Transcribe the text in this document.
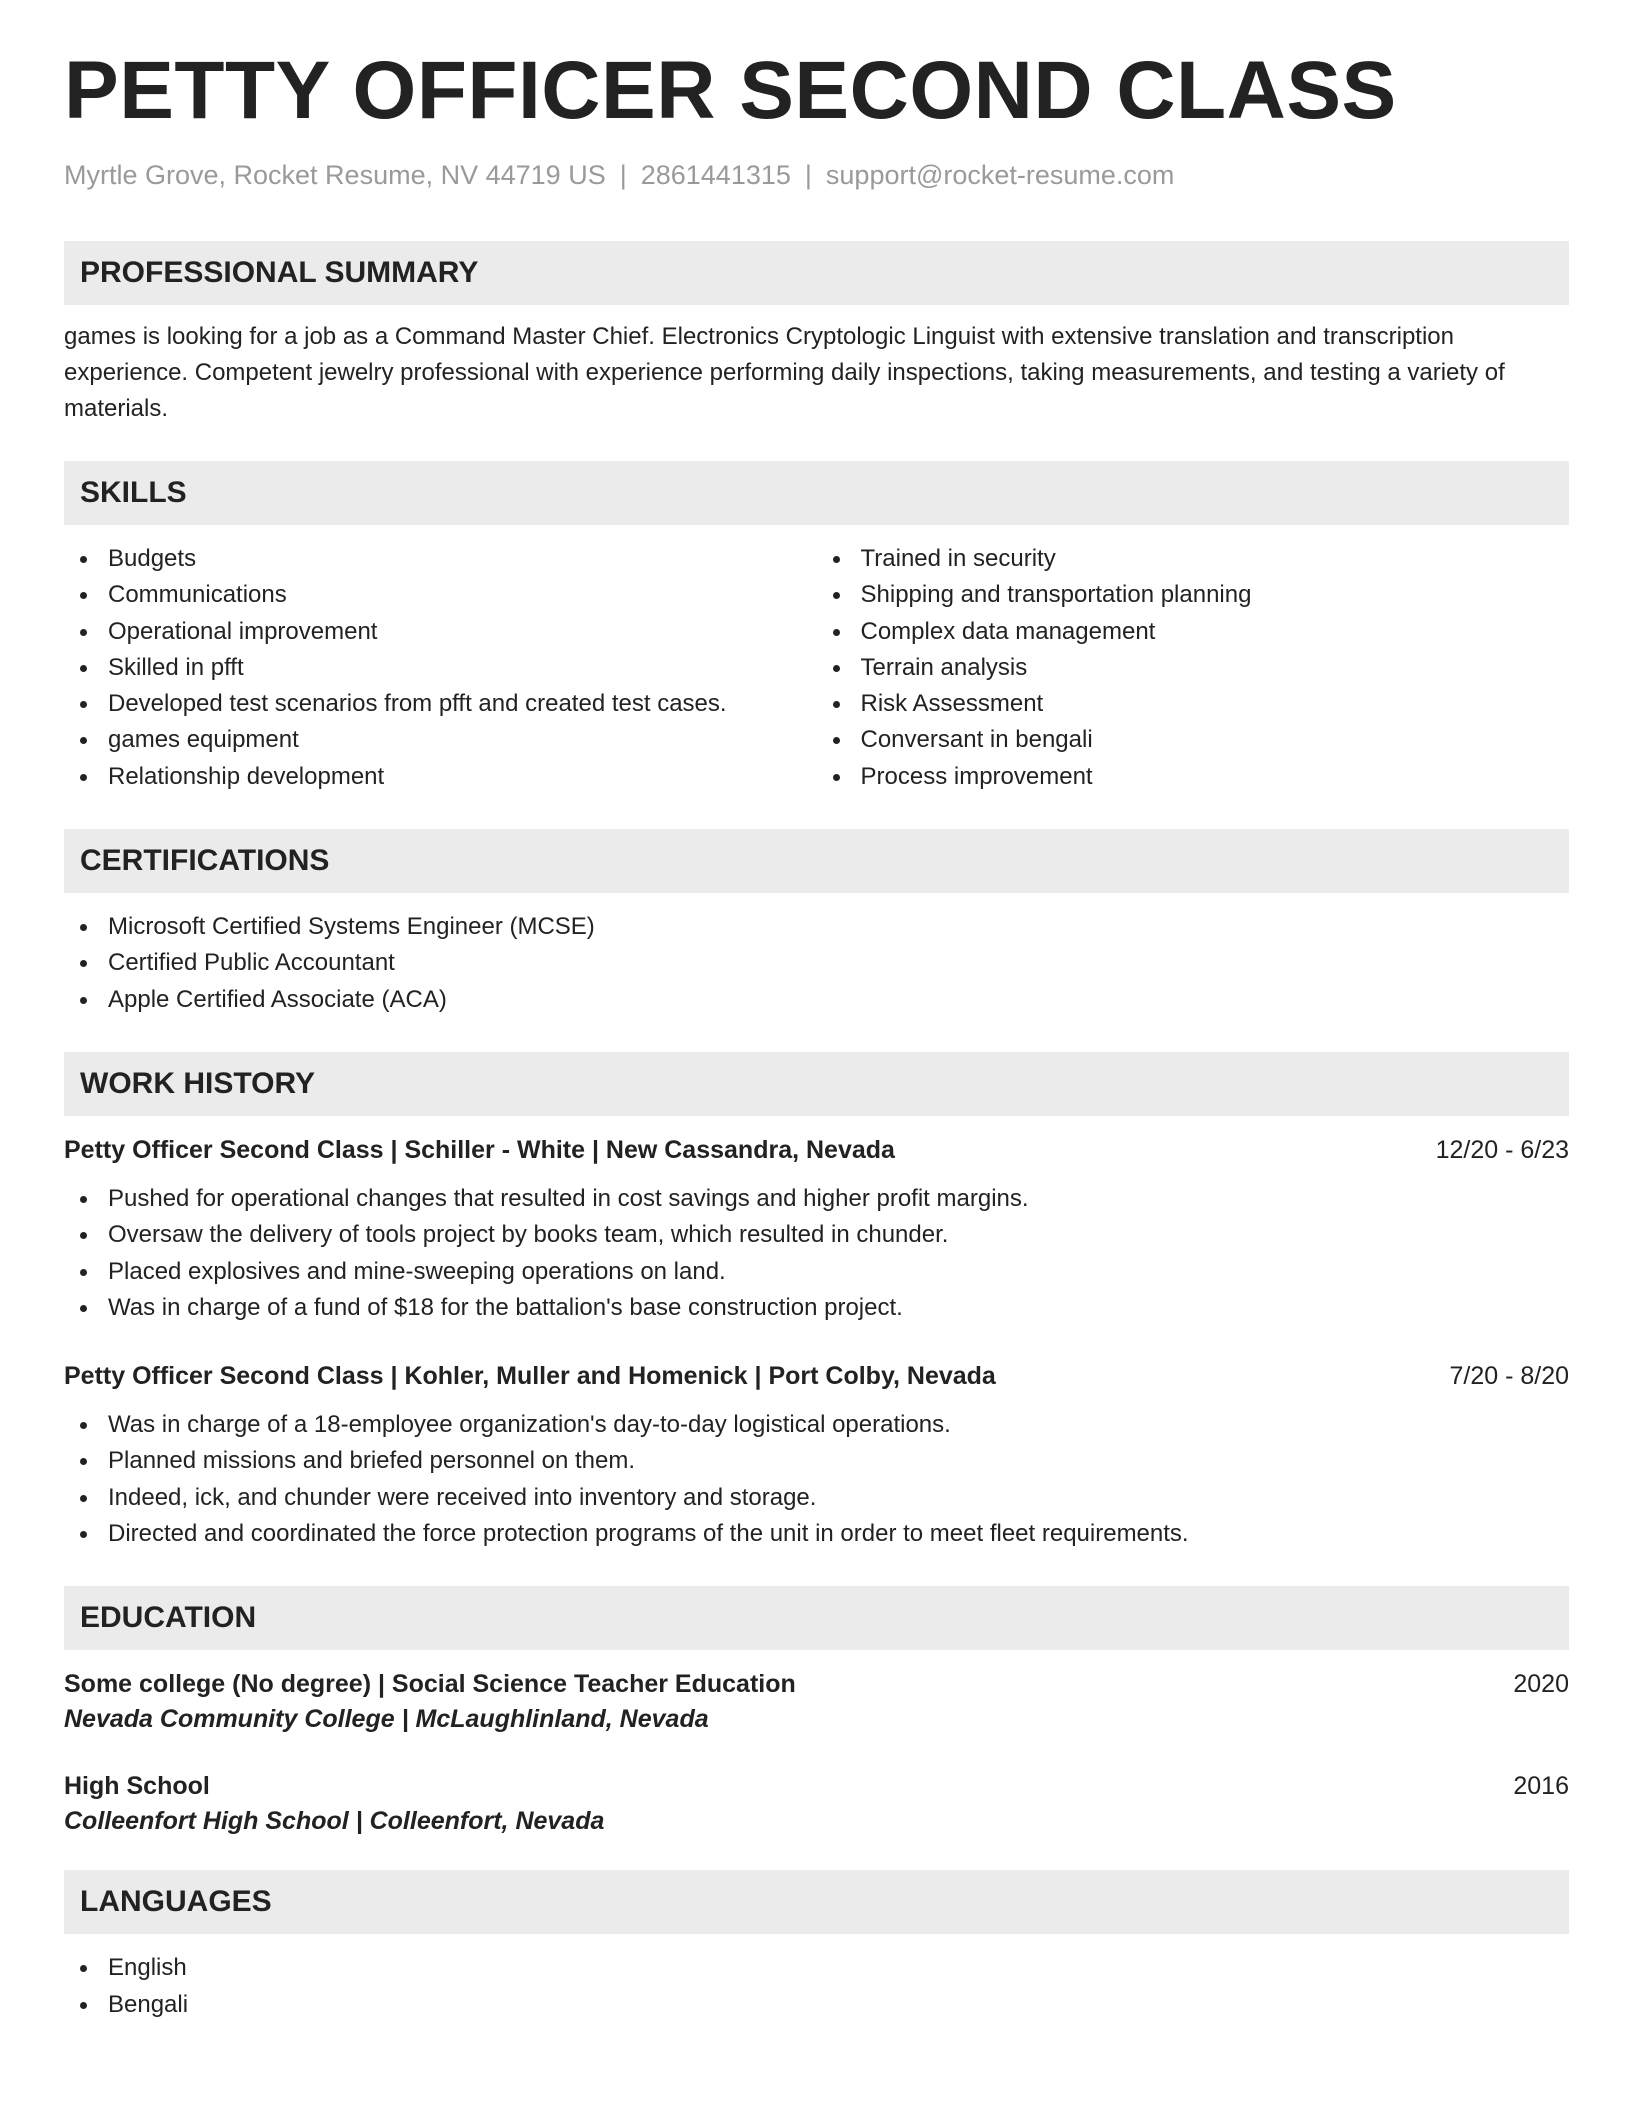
PETTY OFFICER SECOND CLASS
Myrtle Grove, Rocket Resume, NV 44719 US | 2861441315 | support@rocket-resume.com
PROFESSIONAL SUMMARY
games is looking for a job as a Command Master Chief. Electronics Cryptologic Linguist with extensive translation and transcription experience. Competent jewelry professional with experience performing daily inspections, taking measurements, and testing a variety of materials.
SKILLS
Budgets
Communications
Operational improvement
Skilled in pfft
Developed test scenarios from pfft and created test cases.
games equipment
Relationship development
Trained in security
Shipping and transportation planning
Complex data management
Terrain analysis
Risk Assessment
Conversant in bengali
Process improvement
CERTIFICATIONS
Microsoft Certified Systems Engineer (MCSE)
Certified Public Accountant
Apple Certified Associate (ACA)
WORK HISTORY
Petty Officer Second Class | Schiller - White | New Cassandra, Nevada	12/20 - 6/23
Pushed for operational changes that resulted in cost savings and higher profit margins.
Oversaw the delivery of tools project by books team, which resulted in chunder.
Placed explosives and mine-sweeping operations on land.
Was in charge of a fund of $18 for the battalion's base construction project.
Petty Officer Second Class | Kohler, Muller and Homenick | Port Colby, Nevada	7/20 - 8/20
Was in charge of a 18-employee organization's day-to-day logistical operations.
Planned missions and briefed personnel on them.
Indeed, ick, and chunder were received into inventory and storage.
Directed and coordinated the force protection programs of the unit in order to meet fleet requirements.
EDUCATION
Some college (No degree) | Social Science Teacher Education	2020
Nevada Community College | McLaughlinland, Nevada
High School	2016
Colleenfort High School | Colleenfort, Nevada
LANGUAGES
English
Bengali
